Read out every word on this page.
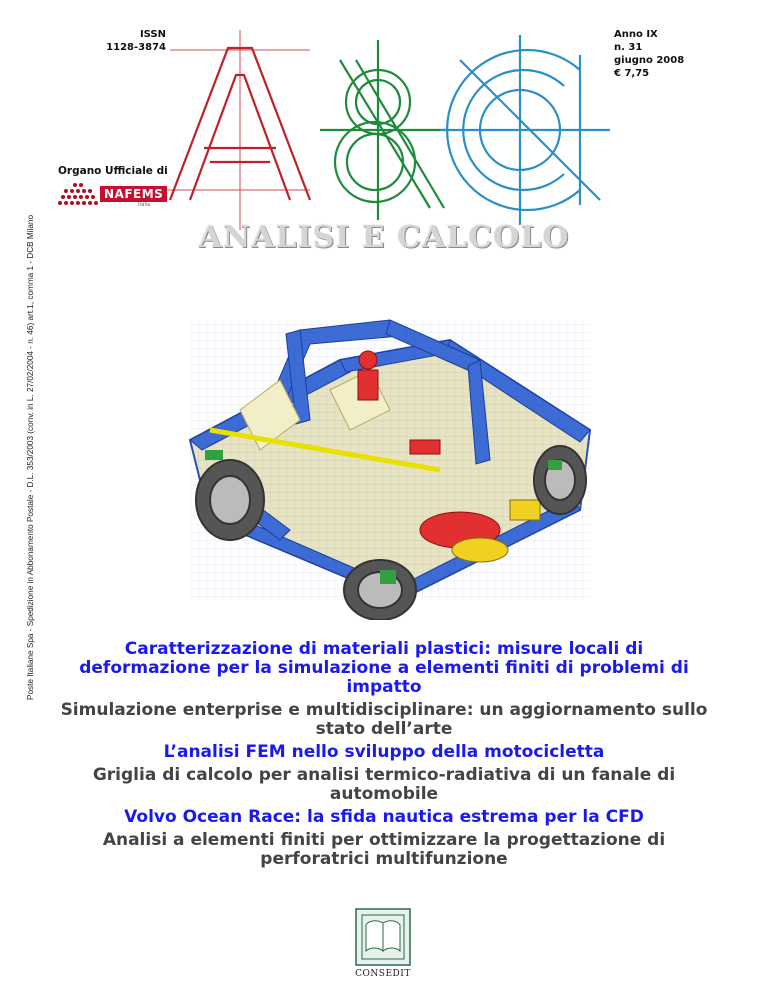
ISSN
1128-3874
Anno IX
n. 31
giugno 2008
€ 7,75
Organo Ufficiale di
NAFEMS
Italia
ANALISI E CALCOLO
Poste Italiane Spa - Spedizione in Abbonamento Postale - D.L. 353/2003 (conv. in L. 27/02/2004 - n. 46) art.1, comma 1 - DCB Milano	Caratterizzazione di materiali plastici: misure locali di deformazione per la simulazione a elementi finiti di problemi di impatto

Simulazione enterprise e multidisciplinare: un aggiornamento sullo stato dell’arte

L’analisi FEM nello sviluppo della motocicletta

Griglia di calcolo per analisi termico-radiativa di un fanale di automobile

Volvo Ocean Race: la sfida nautica estrema per la CFD

Analisi a elementi finiti per ottimizzare la progettazione di perforatrici multifunzione

CONSEDIT
